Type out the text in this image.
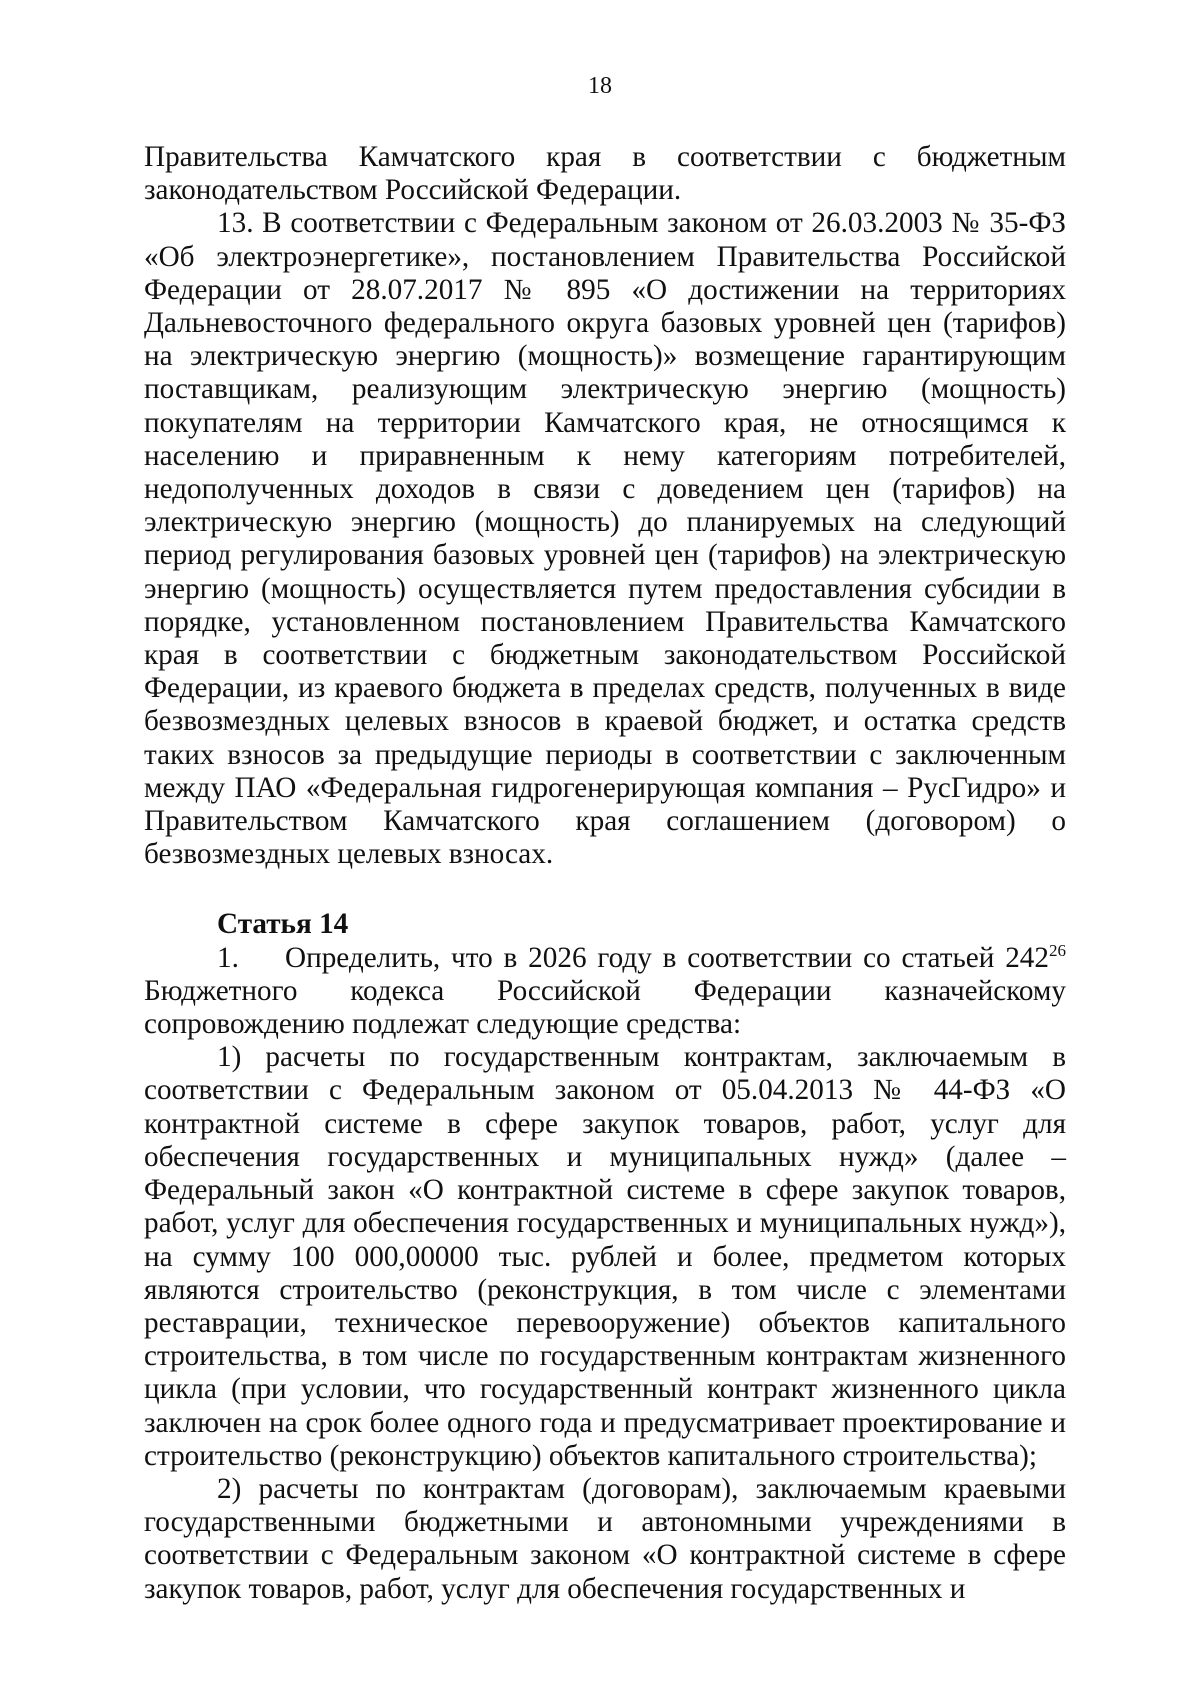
18

Правительства Камчатского края в соответствии с бюджетным законодательством Российской Федерации.

13. В соответствии с Федеральным законом от 26.03.2003 № 35-ФЗ «Об электроэнергетике», постановлением Правительства Российской Федерации от 28.07.2017 № 895 «О достижении на территориях Дальневосточного федерального округа базовых уровней цен (тарифов) на электрическую энергию (мощность)» возмещение гарантирующим поставщикам, реализующим электрическую энергию (мощность) покупателям на территории Камчатского края, не относящимся к населению и приравненным к нему категориям потребителей, недополученных доходов в связи с доведением цен (тарифов) на электрическую энергию (мощность) до планируемых на следующий период регулирования базовых уровней цен (тарифов) на электрическую энергию (мощность) осуществляется путем предоставления субсидии в порядке, установленном постановлением Правительства Камчатского края в соответствии с бюджетным законодательством Российской Федерации, из краевого бюджета в пределах средств, полученных в виде безвозмездных целевых взносов в краевой бюджет, и остатка средств таких взносов за предыдущие периоды в соответствии с заключенным между ПАО «Федеральная гидрогенерирующая компания – РусГидро» и Правительством Камчатского края соглашением (договором) о безвозмездных целевых взносах.

Статья 14

1. Определить, что в 2026 году в соответствии со статьей $242^{26}$ Бюджетного кодекса Российской Федерации казначейскому сопровождению подлежат следующие средства:

1) расчеты по государственным контрактам, заключаемым в соответствии с Федеральным законом от 05.04.2013 № 44-ФЗ «О контрактной системе в сфере закупок товаров, работ, услуг для обеспечения государственных и муниципальных нужд» (далее – Федеральный закон «О контрактной системе в сфере закупок товаров, работ, услуг для обеспечения государственных и муниципальных нужд»), на сумму 100 000,00000 тыс. рублей и более, предметом которых являются строительство (реконструкция, в том числе с элементами реставрации, техническое перевооружение) объектов капитального строительства, в том числе по государственным контрактам жизненного цикла (при условии, что государственный контракт жизненного цикла заключен на срок более одного года и предусматривает проектирование и строительство (реконструкцию) объектов капитального строительства);

2) расчеты по контрактам (договорам), заключаемым краевыми государственными бюджетными и автономными учреждениями в соответствии с Федеральным законом «О контрактной системе в сфере закупок товаров, работ, услуг для обеспечения государственных и
